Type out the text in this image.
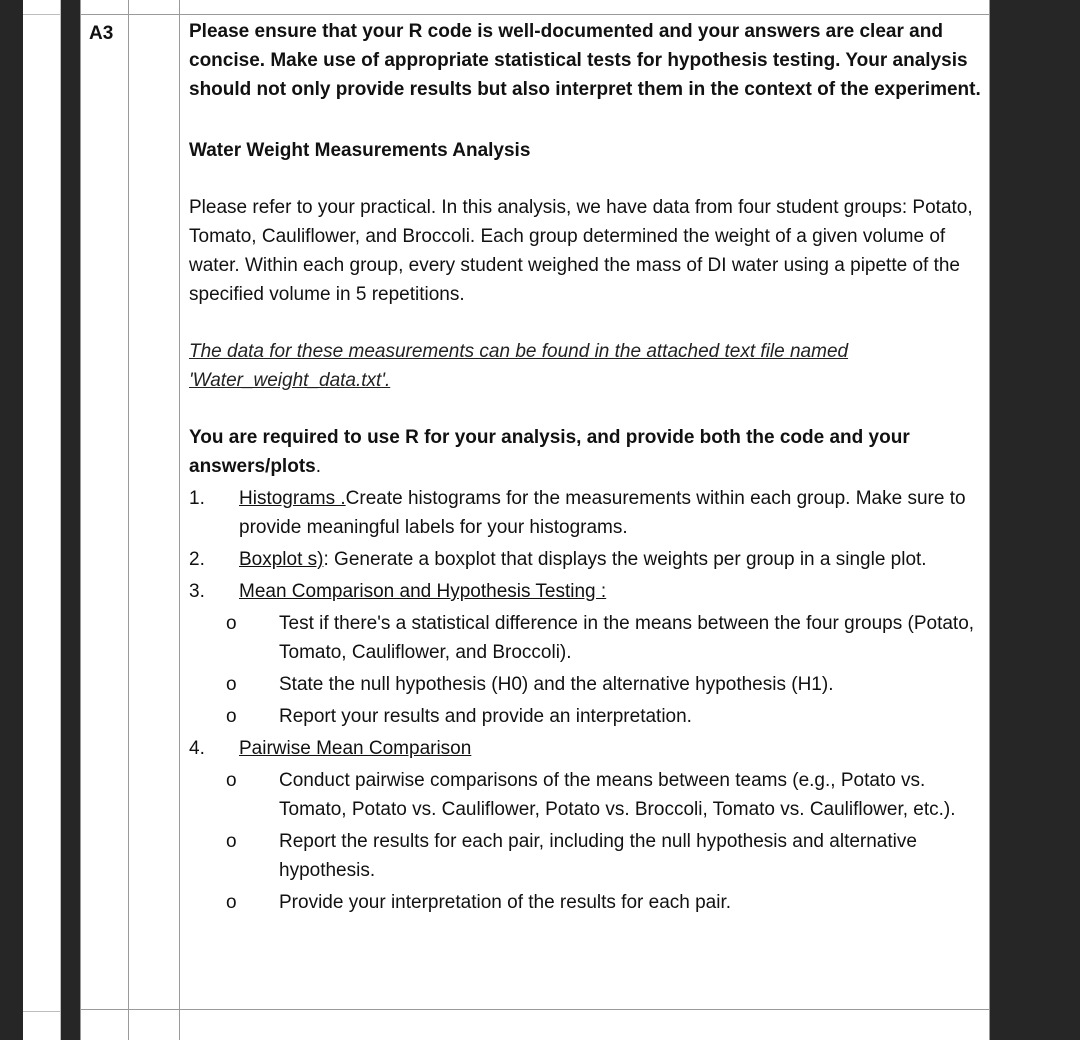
A3	Please ensure that your R code is well-documented and your answers are clear and concise. Make use of appropriate statistical tests for hypothesis testing. Your analysis should not only provide results but also interpret them in the context of the experiment.

Water Weight Measurements Analysis

Please refer to your practical. In this analysis, we have data from four student groups: Potato, Tomato, Cauliflower, and Broccoli. Each group determined the weight of a given volume of water. Within each group, every student weighed the mass of DI water using a pipette of the specified volume in 5 repetitions.

The data for these measurements can be found in the attached text file named 'Water_weight_data.txt'.

You are required to use R for your analysis, and provide both the code and your answers/plots.

1.	Histograms .Create histograms for the measurements within each group. Make sure to provide meaningful labels for your histograms.
2.	Boxplot s): Generate a boxplot that displays the weights per group in a single plot.
3.	Mean Comparison and Hypothesis Testing :
o	Test if there's a statistical difference in the means between the four groups (Potato, Tomato, Cauliflower, and Broccoli).
o	State the null hypothesis (H0) and the alternative hypothesis (H1).
o	Report your results and provide an interpretation.
4.	Pairwise Mean Comparison
o	Conduct pairwise comparisons of the means between teams (e.g., Potato vs. Tomato, Potato vs. Cauliflower, Potato vs. Broccoli, Tomato vs. Cauliflower, etc.).
o	Report the results for each pair, including the null hypothesis and alternative hypothesis.
o	Provide your interpretation of the results for each pair.
